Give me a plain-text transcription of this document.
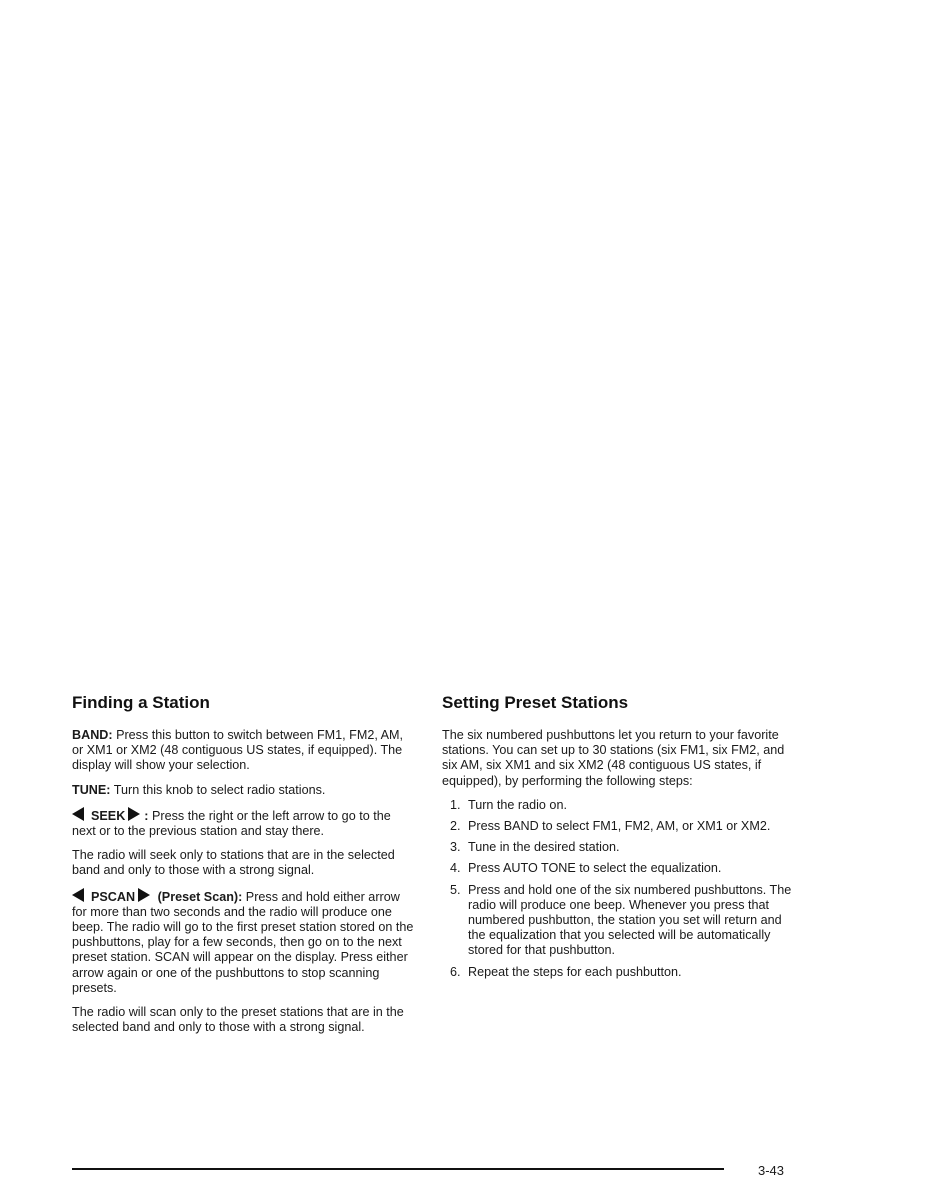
Finding a Station

BAND: Press this button to switch between FM1, FM2, AM, or XM1 or XM2 (48 contiguous US states, if equipped). The display will show your selection.

TUNE: Turn this knob to select radio stations.

SEEK : Press the right or the left arrow to go to the next or to the previous station and stay there.

The radio will seek only to stations that are in the selected band and only to those with a strong signal.

PSCAN (Preset Scan): Press and hold either arrow for more than two seconds and the radio will produce one beep. The radio will go to the first preset station stored on the pushbuttons, play for a few seconds, then go on to the next preset station. SCAN will appear on the display. Press either arrow again or one of the pushbuttons to stop scanning presets.

The radio will scan only to the preset stations that are in the selected band and only to those with a strong signal.

Setting Preset Stations

The six numbered pushbuttons let you return to your favorite stations. You can set up to 30 stations (six FM1, six FM2, and six AM, six XM1 and six XM2 (48 contiguous US states, if equipped), by performing the following steps:

1. Turn the radio on.
2. Press BAND to select FM1, FM2, AM, or XM1 or XM2.
3. Tune in the desired station.
4. Press AUTO TONE to select the equalization.
5. Press and hold one of the six numbered pushbuttons. The radio will produce one beep. Whenever you press that numbered pushbutton, the station you set will return and the equalization that you selected will be automatically stored for that pushbutton.
6. Repeat the steps for each pushbutton.
3-43
